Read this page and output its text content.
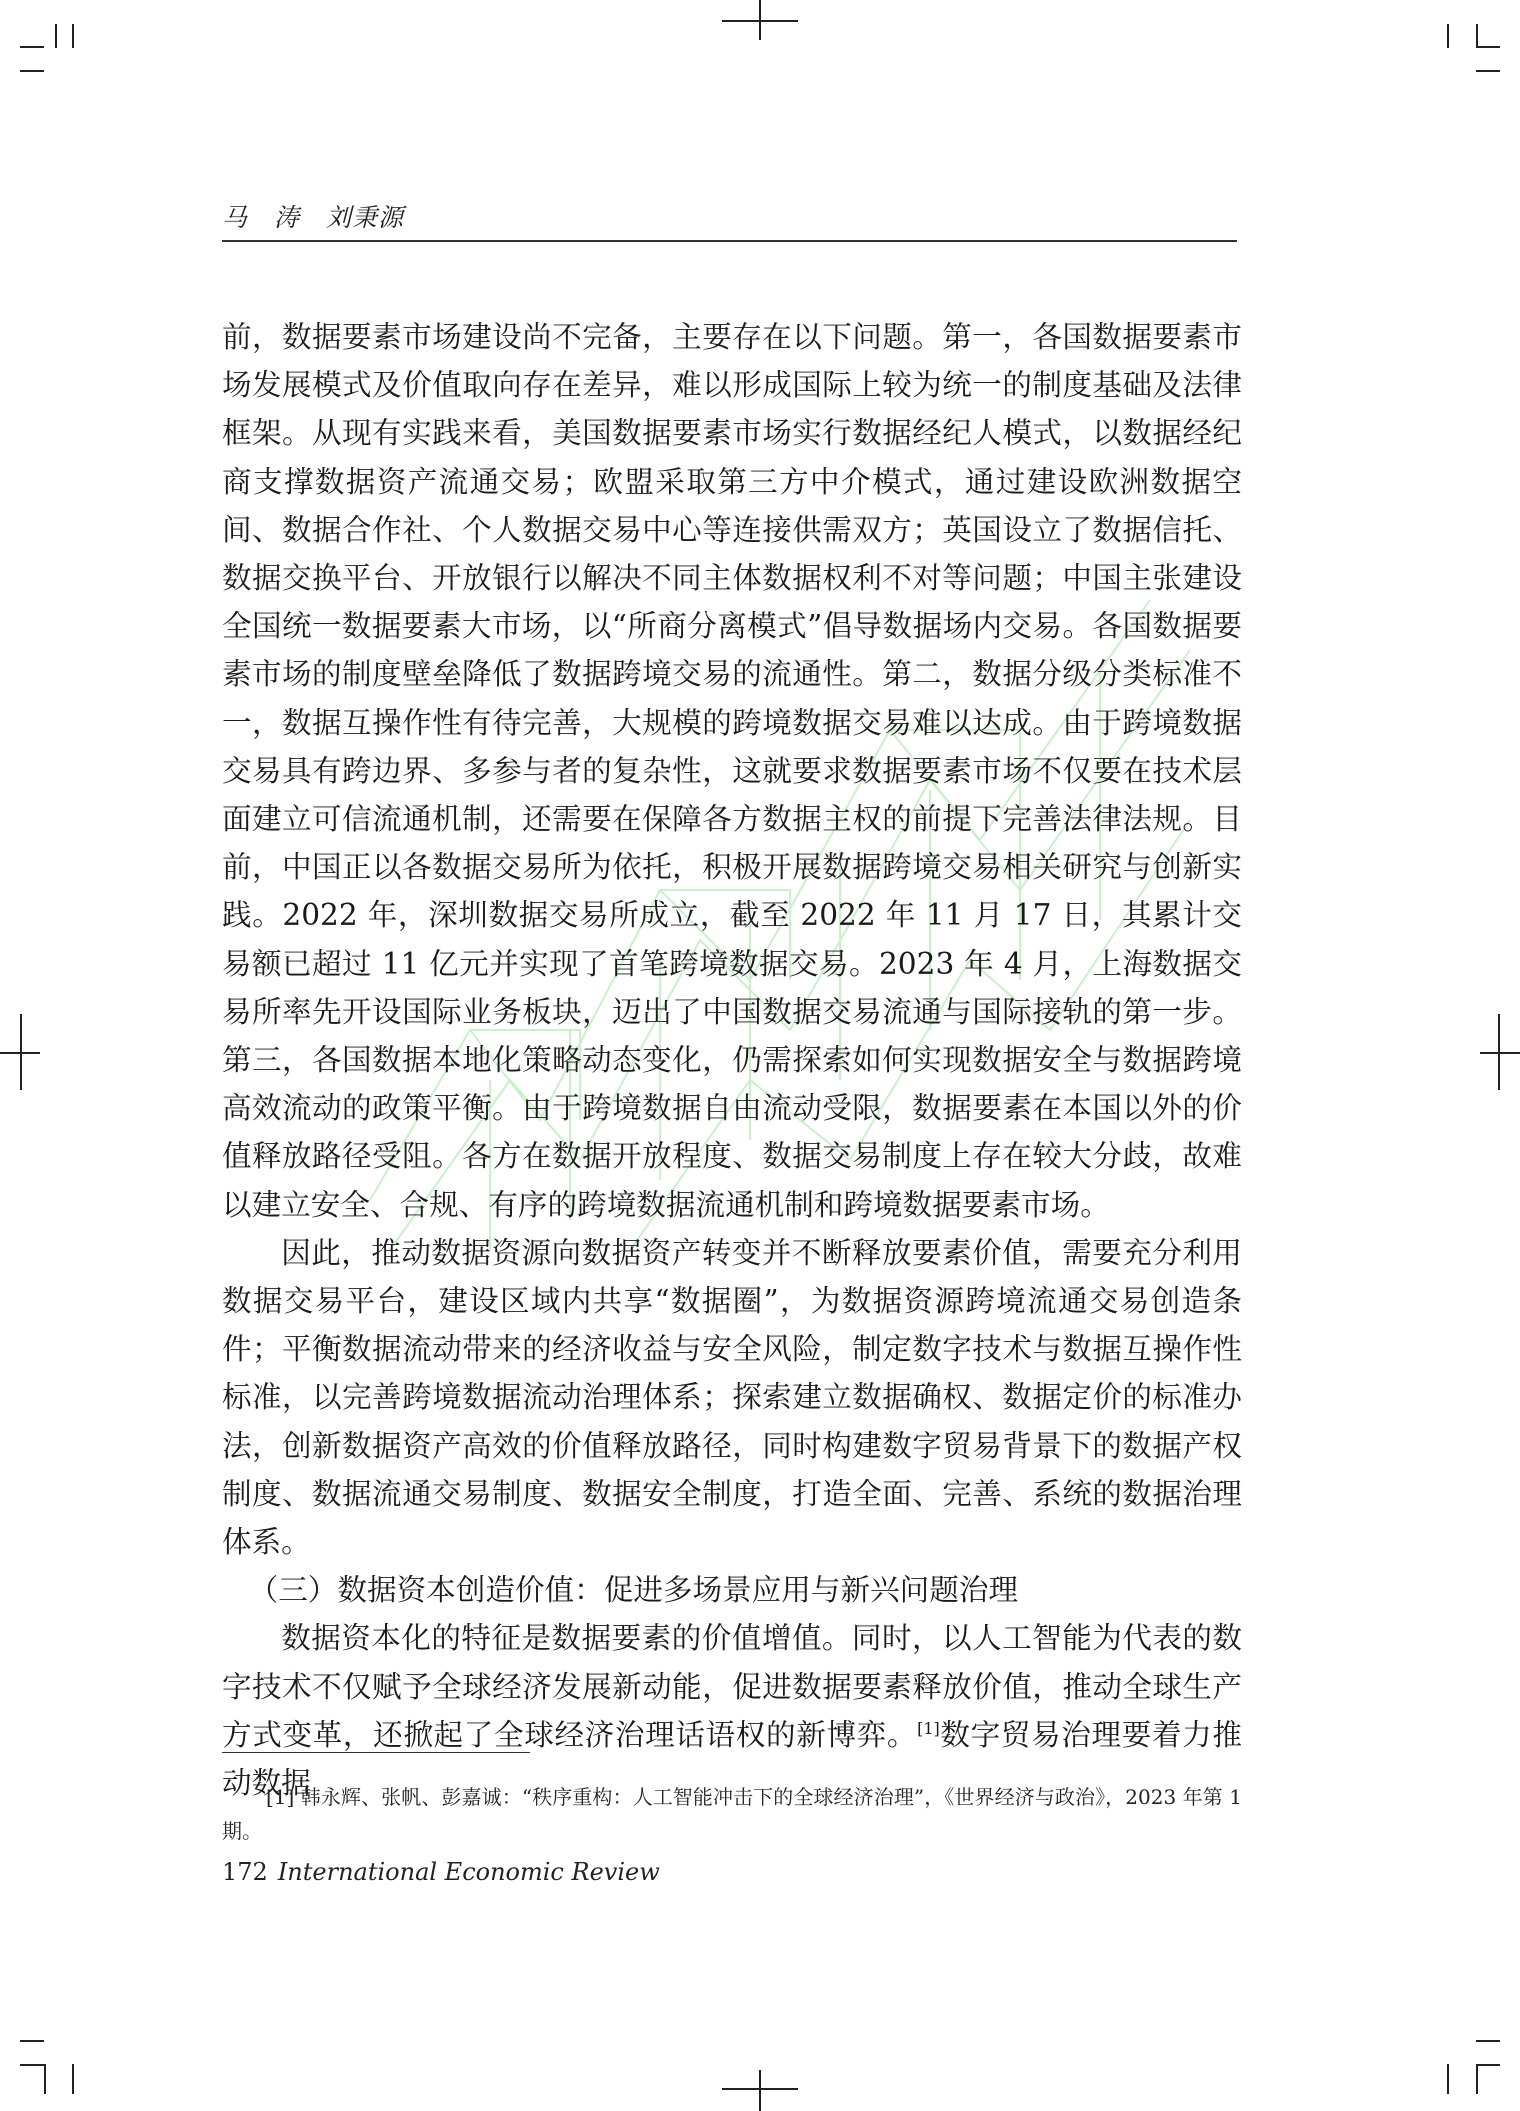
马　涛　刘秉源

前，数据要素市场建设尚不完备，主要存在以下问题。第一，各国数据要素市场发展模式及价值取向存在差异，难以形成国际上较为统一的制度基础及法律框架。从现有实践来看，美国数据要素市场实行数据经纪人模式，以数据经纪商支撑数据资产流通交易；欧盟采取第三方中介模式，通过建设欧洲数据空间、数据合作社、个人数据交易中心等连接供需双方；英国设立了数据信托、数据交换平台、开放银行以解决不同主体数据权利不对等问题；中国主张建设全国统一数据要素大市场，以“所商分离模式”倡导数据场内交易。各国数据要素市场的制度壁垒降低了数据跨境交易的流通性。第二，数据分级分类标准不一，数据互操作性有待完善，大规模的跨境数据交易难以达成。由于跨境数据交易具有跨边界、多参与者的复杂性，这就要求数据要素市场不仅要在技术层面建立可信流通机制，还需要在保障各方数据主权的前提下完善法律法规。目前，中国正以各数据交易所为依托，积极开展数据跨境交易相关研究与创新实践。2022 年，深圳数据交易所成立，截至 2022 年 11 月 17 日，其累计交易额已超过 11 亿元并实现了首笔跨境数据交易。2023 年 4 月，上海数据交易所率先开设国际业务板块，迈出了中国数据交易流通与国际接轨的第一步。第三，各国数据本地化策略动态变化，仍需探索如何实现数据安全与数据跨境高效流动的政策平衡。由于跨境数据自由流动受限，数据要素在本国以外的价值释放路径受阻。各方在数据开放程度、数据交易制度上存在较大分歧，故难以建立安全、合规、有序的跨境数据流通机制和跨境数据要素市场。

因此，推动数据资源向数据资产转变并不断释放要素价值，需要充分利用数据交易平台，建设区域内共享“数据圈”，为数据资源跨境流通交易创造条件；平衡数据流动带来的经济收益与安全风险，制定数字技术与数据互操作性标准，以完善跨境数据流动治理体系；探索建立数据确权、数据定价的标准办法，创新数据资产高效的价值释放路径，同时构建数字贸易背景下的数据产权制度、数据流通交易制度、数据安全制度，打造全面、完善、系统的数据治理体系。

（三）数据资本创造价值：促进多场景应用与新兴问题治理

数据资本化的特征是数据要素的价值增值。同时，以人工智能为代表的数字技术不仅赋予全球经济发展新动能，促进数据要素释放价值，推动全球生产方式变革，还掀起了全球经济治理话语权的新博弈。[1]数字贸易治理要着力推动数据

[1] 韩永辉、张帆、彭嘉诚：“秩序重构：人工智能冲击下的全球经济治理”，《世界经济与政治》，2023 年第 1 期。

172 International Economic Review
